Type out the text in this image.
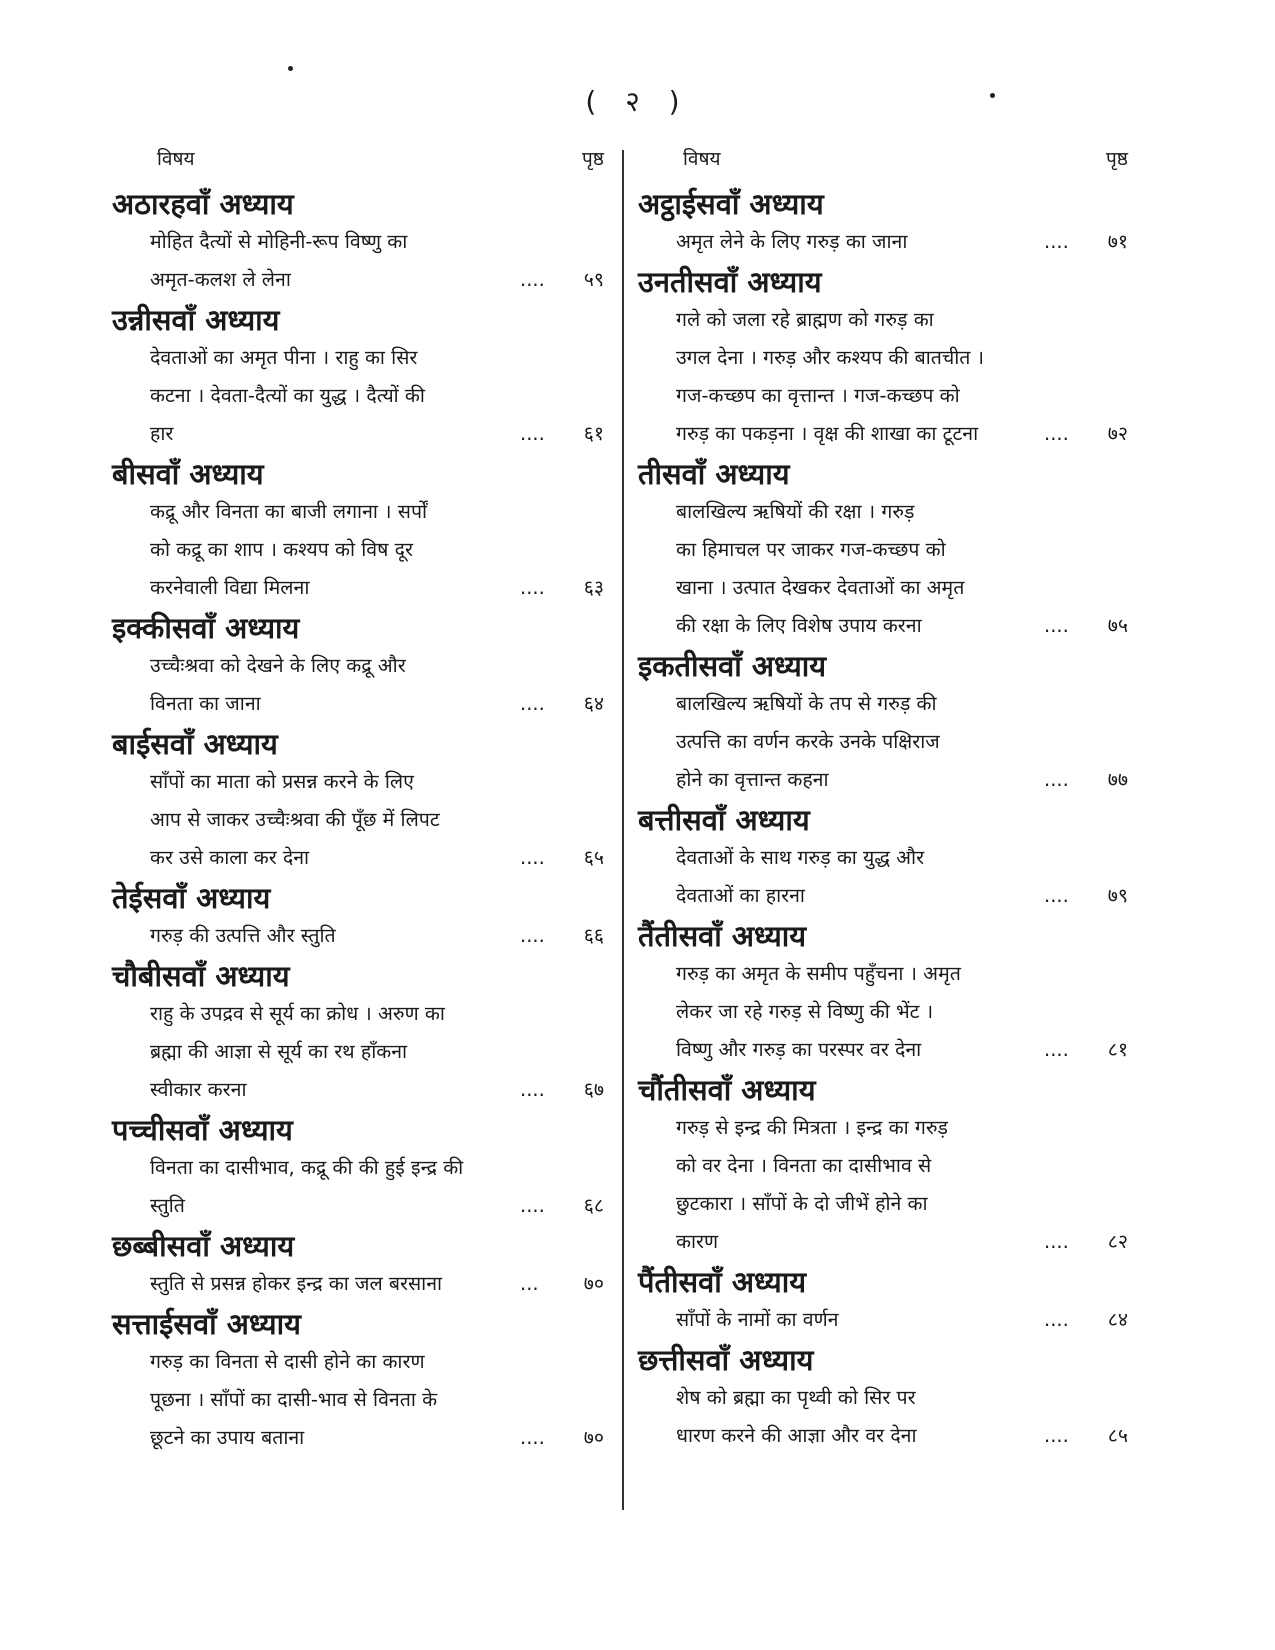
( २ )
विषय	पृष्ठ
अठारहवाँ अध्याय
मोहित दैत्यों से मोहिनी-रूप विष्णु का
अमृत-कलश ले लेना	....	५९
उन्नीसवाँ अध्याय
देवताओं का अमृत पीना । राहु का सिर
कटना । देवता-दैत्यों का युद्ध । दैत्यों की
हार	....	६१
बीसवाँ अध्याय
कद्रू और विनता का बाजी लगाना । सर्पों
को कद्रू का शाप । कश्यप को विष दूर
करनेवाली विद्या मिलना	....	६३
इक्कीसवाँ अध्याय
उच्चैःश्रवा को देखने के लिए कद्रू और
विनता का जाना	....	६४
बाईसवाँ अध्याय
साँपों का माता को प्रसन्न करने के लिए
आप से जाकर उच्चैःश्रवा की पूँछ में लिपट
कर उसे काला कर देना	....	६५
तेईसवाँ अध्याय
गरुड़ की उत्पत्ति और स्तुति	....	६६
चौबीसवाँ अध्याय
राहु के उपद्रव से सूर्य का क्रोध । अरुण का
ब्रह्मा की आज्ञा से सूर्य का रथ हाँकना
स्वीकार करना	....	६७
पच्चीसवाँ अध्याय
विनता का दासीभाव, कद्रू की की हुई इन्द्र की
स्तुति	....	६८
छब्बीसवाँ अध्याय
स्तुति से प्रसन्न होकर इन्द्र का जल बरसाना	...	७०
सत्ताईसवाँ अध्याय
गरुड़ का विनता से दासी होने का कारण
पूछना । साँपों का दासी-भाव से विनता के
छूटने का उपाय बताना	....	७०
विषय	पृष्ठ
अट्ठाईसवाँ अध्याय
अमृत लेने के लिए गरुड़ का जाना	....	७१
उनतीसवाँ अध्याय
गले को जला रहे ब्राह्मण को गरुड़ का
उगल देना । गरुड़ और कश्यप की बातचीत ।
गज-कच्छप का वृत्तान्त । गज-कच्छप को
गरुड़ का पकड़ना । वृक्ष की शाखा का टूटना	....	७२
तीसवाँ अध्याय
बालखिल्य ऋषियों की रक्षा । गरुड़
का हिमाचल पर जाकर गज-कच्छप को
खाना । उत्पात देखकर देवताओं का अमृत
की रक्षा के लिए विशेष उपाय करना	....	७५
इकतीसवाँ अध्याय
बालखिल्य ऋषियों के तप से गरुड़ की
उत्पत्ति का वर्णन करके उनके पक्षिराज
होने का वृत्तान्त कहना	....	७७
बत्तीसवाँ अध्याय
देवताओं के साथ गरुड़ का युद्ध और
देवताओं का हारना	....	७९
तैंतीसवाँ अध्याय
गरुड़ का अमृत के समीप पहुँचना । अमृत
लेकर जा रहे गरुड़ से विष्णु की भेंट ।
विष्णु और गरुड़ का परस्पर वर देना	....	८१
चौंतीसवाँ अध्याय
गरुड़ से इन्द्र की मित्रता । इन्द्र का गरुड़
को वर देना । विनता का दासीभाव से
छुटकारा । साँपों के दो जीभें होने का
कारण	....	८२
पैंतीसवाँ अध्याय
साँपों के नामों का वर्णन	....	८४
छत्तीसवाँ अध्याय
शेष को ब्रह्मा का पृथ्वी को सिर पर
धारण करने की आज्ञा और वर देना	....	८५
